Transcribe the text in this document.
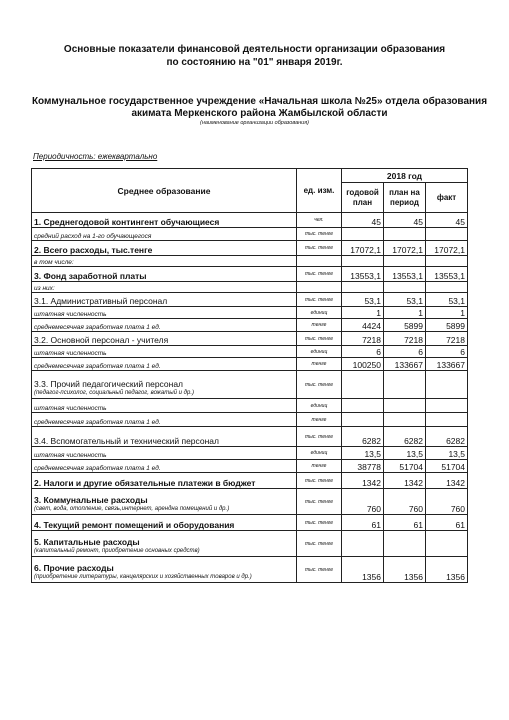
Основные показатели финансовой деятельности организации образования
по состоянию на "01" января 2019г.
Коммунальное государственное учреждение «Начальная школа №25» отдела образования
акимата Меркенского района Жамбылской области
(наименование организации образования)
Периодичность: ежеквартально
Среднее образование	ед. изм.	2018 год		
		годовой план	план на период	факт
1. Среднегодовой контингент обучающиеся	чел.	45	45	45
средний расход на 1-го обучающегося	тыс. тенге			
2. Всего расходы, тыс.тенге	тыс. тенге	17072,1	17072,1	17072,1
в том числе:				
3. Фонд заработной платы	тыс. тенге	13553,1	13553,1	13553,1
из них:				
3.1. Административный персонал	тыс. тенге	53,1	53,1	53,1
штатная численность	единиц	1	1	1
среднемесячная заработная плата 1 ед.	тенге	4424	5899	5899
3.2. Основной персонал - учителя	тыс. тенге	7218	7218	7218
штатная численность	единиц	6	6	6
среднемесячная заработная плата 1 ед.	тенге	100250	133667	133667
3.3. Прочий педагогический персонал
(педагог-психолог, социальный педагог, вожатый и др.)	тыс. тенге			
штатная численность	единиц			
среднемесячная заработная плата 1 ед.	тенге			
3.4. Вспомогательный и технический персонал	тыс. тенге	6282	6282	6282
штатная численность	единиц	13,5	13,5	13,5
среднемесячная заработная плата 1 ед.	тенге	38778	51704	51704
2. Налоги и другие обязательные платежи в бюджет	тыс. тенге	1342	1342	1342
3. Коммунальные расходы
(свет, вода, отопление, связь,интернет, арендна помещений и др.)	тыс. тенге	760	760	760
4. Текущий ремонт помещений и оборудования	тыс. тенге	61	61	61
5. Капитальные расходы
(капитальный ремонт, приобретение основных средств)	тыс. тенге			
6. Прочие расходы
(приобретение литературы, канцелярских и хозяйственных товаров и др.)	тыс. тенге	1356	1356	1356
